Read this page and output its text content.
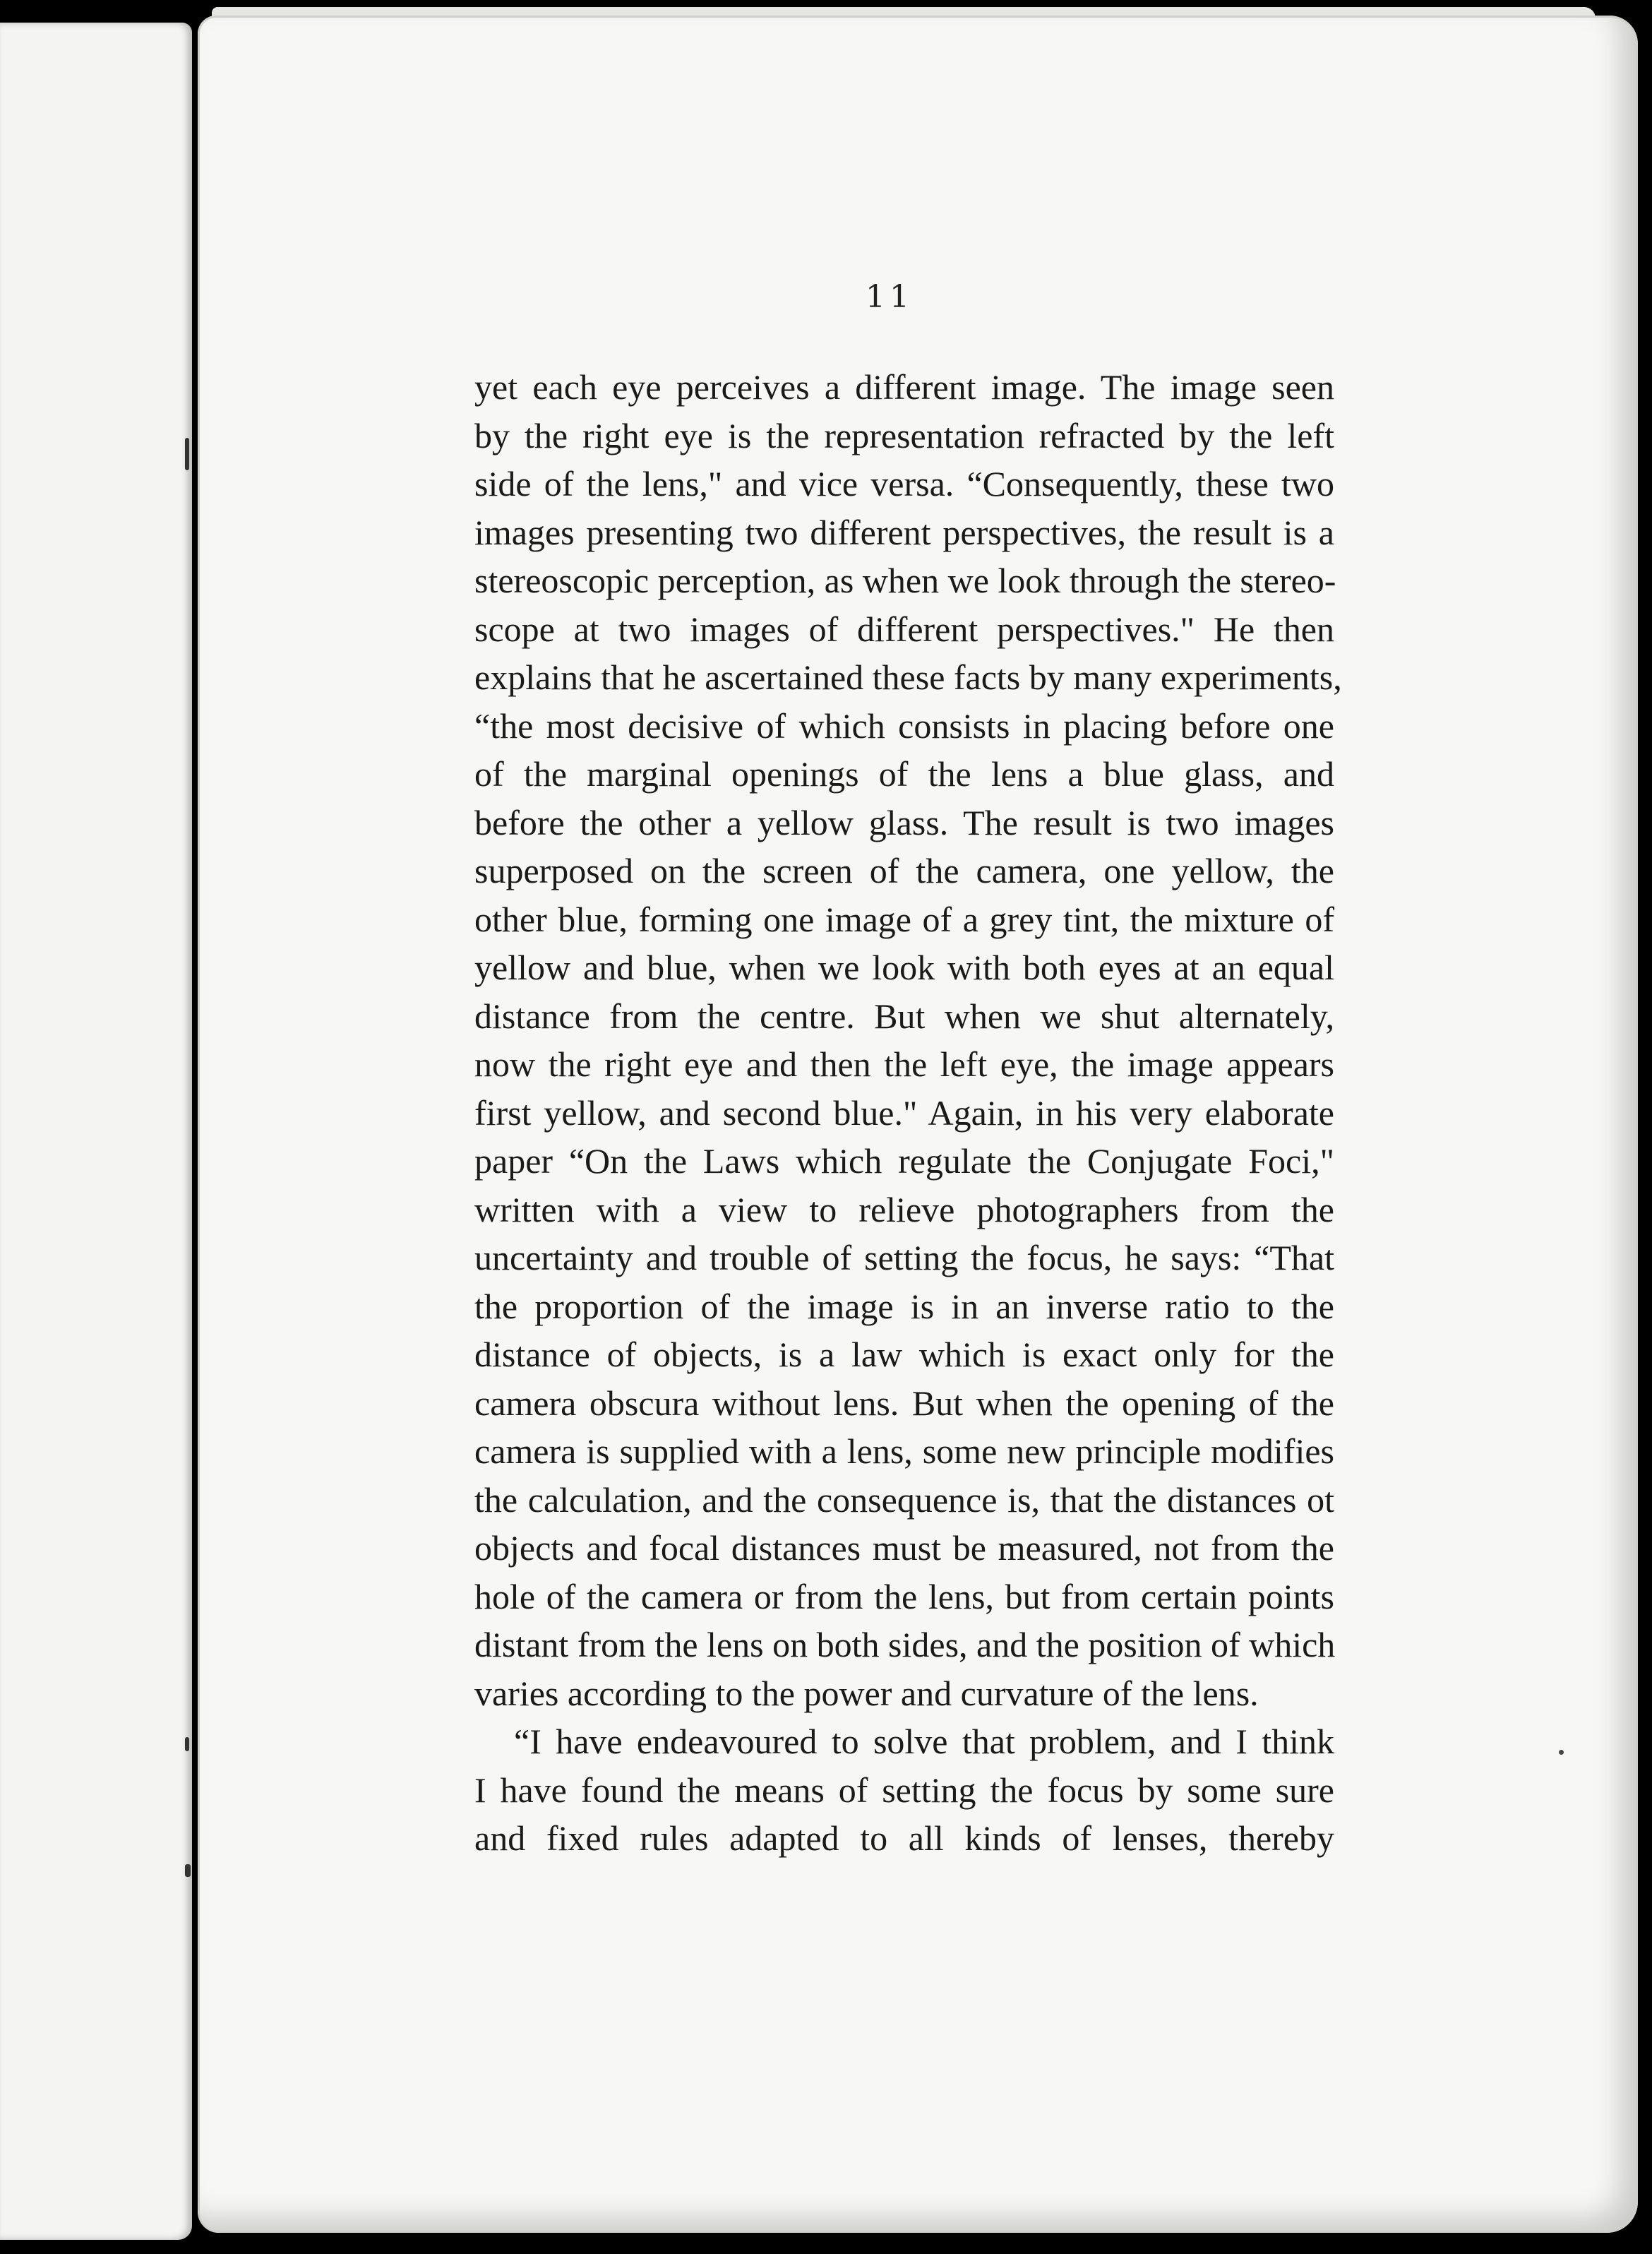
11
yet each eye perceives a different image. The image seen
by the right eye is the representation refracted by the left
side of the lens," and vice versa. “Consequently, these two
images presenting two different perspectives, the result is a
stereoscopic perception, as when we look through the stereo-
scope at two images of different perspectives." He then
explains that he ascertained these facts by many experiments,
“the most decisive of which consists in placing before one
of the marginal openings of the lens a blue glass, and
before the other a yellow glass. The result is two images
superposed on the screen of the camera, one yellow, the
other blue, forming one image of a grey tint, the mixture of
yellow and blue, when we look with both eyes at an equal
distance from the centre. But when we shut alternately,
now the right eye and then the left eye, the image appears
first yellow, and second blue." Again, in his very elaborate
paper “On the Laws which regulate the Conjugate Foci,"
written with a view to relieve photographers from the
uncertainty and trouble of setting the focus, he says: “That
the proportion of the image is in an inverse ratio to the
distance of objects, is a law which is exact only for the
camera obscura without lens. But when the opening of the
camera is supplied with a lens, some new principle modifies
the calculation, and the consequence is, that the distances ot
objects and focal distances must be measured, not from the
hole of the camera or from the lens, but from certain points
distant from the lens on both sides, and the position of which
varies according to the power and curvature of the lens.
“I have endeavoured to solve that problem, and I think
I have found the means of setting the focus by some sure
and fixed rules adapted to all kinds of lenses, thereby
